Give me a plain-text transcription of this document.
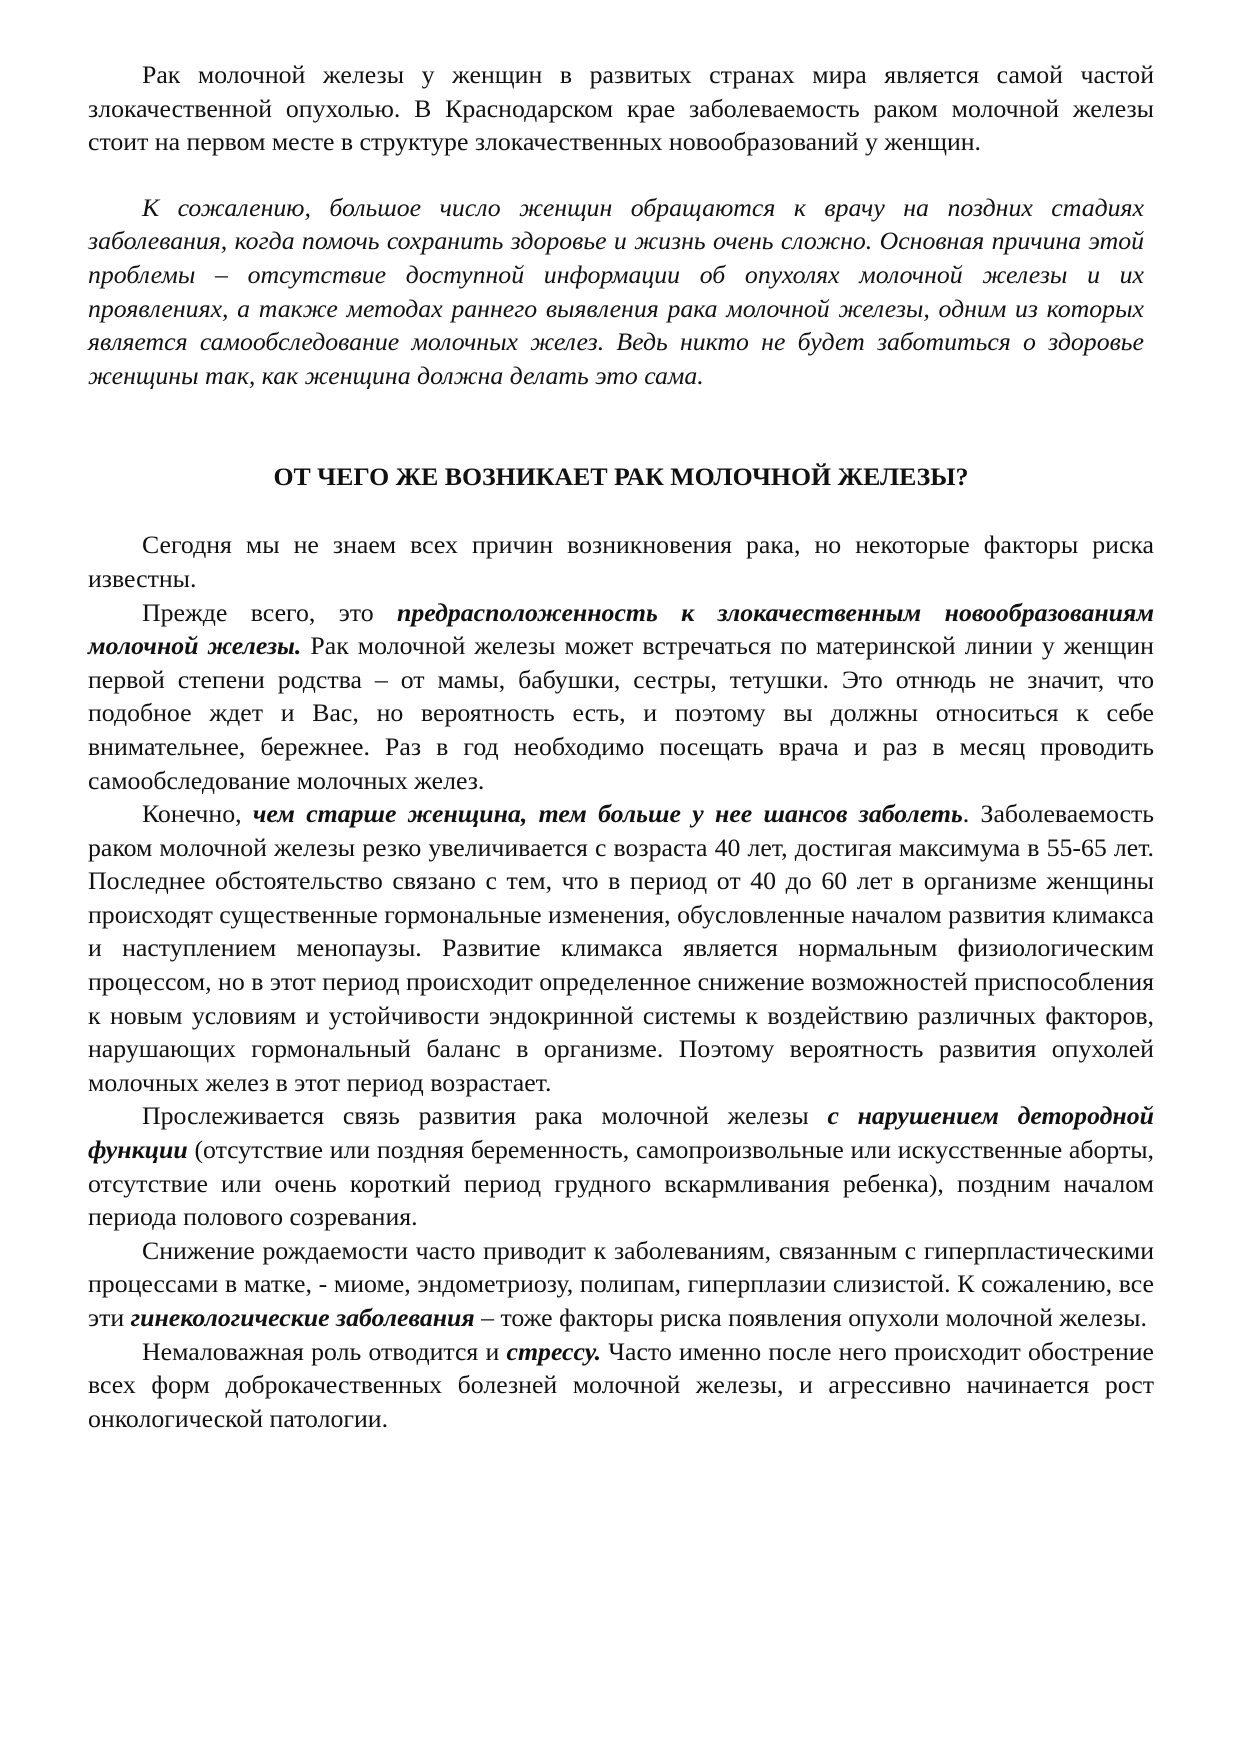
Рак молочной железы у женщин в развитых странах мира является самой частой злокачественной опухолью. В Краснодарском крае заболеваемость раком молочной железы стоит на первом месте в структуре злокачественных новообразований у женщин.

К сожалению, большое число женщин обращаются к врачу на поздних стадиях заболевания, когда помочь сохранить здоровье и жизнь очень сложно. Основная причина этой проблемы – отсутствие доступной информации об опухолях молочной железы и их проявлениях, а также методах раннего выявления рака молочной железы, одним из которых является самообследование молочных желез. Ведь никто не будет заботиться о здоровье женщины так, как женщина должна делать это сама.

ОТ ЧЕГО ЖЕ ВОЗНИКАЕТ РАК МОЛОЧНОЙ ЖЕЛЕЗЫ?

Сегодня мы не знаем всех причин возникновения рака, но некоторые факторы риска известны.

Прежде всего, это предрасположенность к злокачественным новообразованиям молочной железы. Рак молочной железы может встречаться по материнской линии у женщин первой степени родства – от мамы, бабушки, сестры, тетушки. Это отнюдь не значит, что подобное ждет и Вас, но вероятность есть, и поэтому вы должны относиться к себе внимательнее, бережнее. Раз в год необходимо посещать врача и раз в месяц проводить самообследование молочных желез.

Конечно, чем старше женщина, тем больше у нее шансов заболеть. Заболеваемость раком молочной железы резко увеличивается с возраста 40 лет, достигая максимума в 55-65 лет. Последнее обстоятельство связано с тем, что в период от 40 до 60 лет в организме женщины происходят существенные гормональные изменения, обусловленные началом развития климакса и наступлением менопаузы. Развитие климакса является нормальным физиологическим процессом, но в этот период происходит определенное снижение возможностей приспособления к новым условиям и устойчивости эндокринной системы к воздействию различных факторов, нарушающих гормональный баланс в организме. Поэтому вероятность развития опухолей молочных желез в этот период возрастает.

Прослеживается связь развития рака молочной железы с нарушением детородной функции (отсутствие или поздняя беременность, самопроизвольные или искусственные аборты, отсутствие или очень короткий период грудного вскармливания ребенка), поздним началом периода полового созревания.

Снижение рождаемости часто приводит к заболеваниям, связанным с гиперпластическими процессами в матке, - миоме, эндометриозу, полипам, гиперплазии слизистой. К сожалению, все эти гинекологические заболевания – тоже факторы риска появления опухоли молочной железы.

Немаловажная роль отводится и стрессу. Часто именно после него происходит обострение всех форм доброкачественных болезней молочной железы, и агрессивно начинается рост онкологической патологии.
